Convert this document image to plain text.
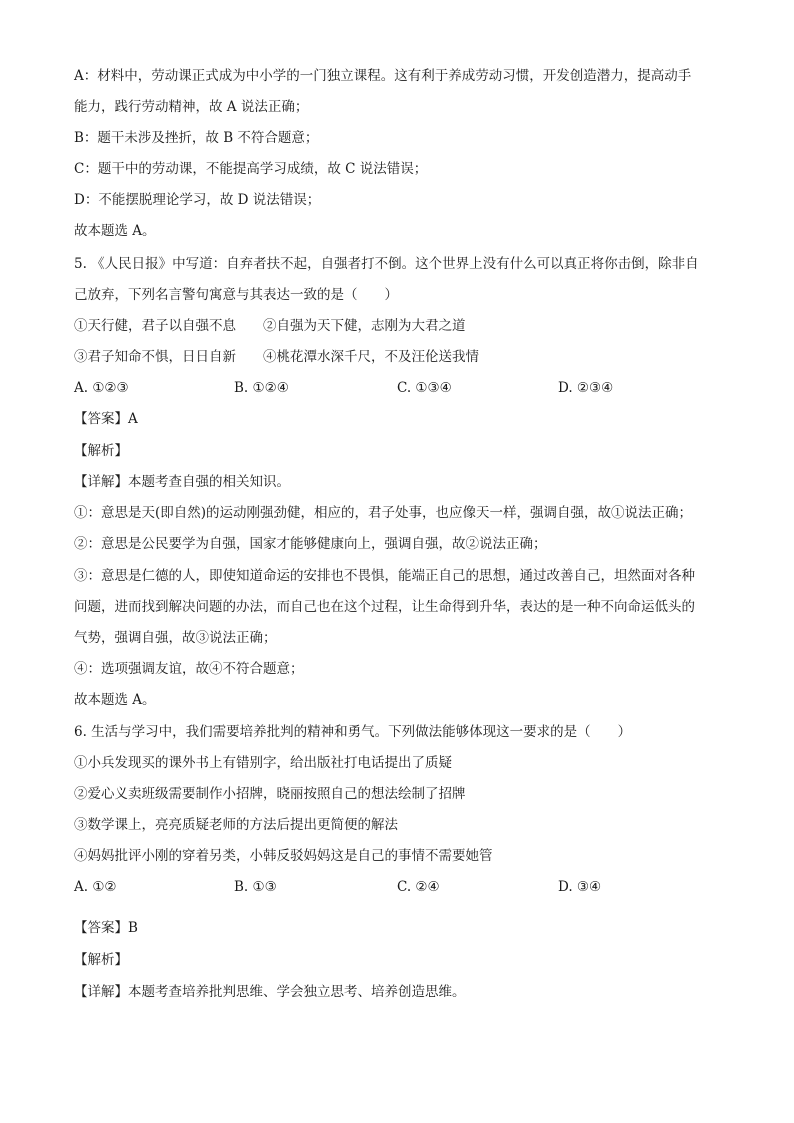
A：材料中，劳动课正式成为中小学的一门独立课程。这有利于养成劳动习惯，开发创造潜力，提高动手
能力，践行劳动精神，故 A 说法正确；
B：题干未涉及挫折，故 B 不符合题意；
C：题干中的劳动课，不能提高学习成绩，故 C 说法错误；
D：不能摆脱理论学习，故 D 说法错误；
故本题选 A。
5. 《人民日报》中写道：自弃者扶不起，自强者打不倒。这个世界上没有什么可以真正将你击倒，除非自
己放弃，下列名言警句寓意与其表达一致的是（　　）
①天行健，君子以自强不息　　②自强为天下健，志刚为大君之道
③君子知命不惧，日日自新　　④桃花潭水深千尺，不及汪伦送我情
A. ①②③	B. ①②④	C. ①③④	D. ②③④
【答案】A
【解析】
【详解】本题考查自强的相关知识。
①：意思是天(即自然)的运动刚强劲健，相应的，君子处事，也应像天一样，强调自强，故①说法正确；
②：意思是公民要学为自强，国家才能够健康向上，强调自强，故②说法正确；
③：意思是仁德的人，即使知道命运的安排也不畏惧，能端正自己的思想，通过改善自己，坦然面对各种
问题，进而找到解决问题的办法，而自己也在这个过程，让生命得到升华，表达的是一种不向命运低头的
气势，强调自强，故③说法正确；
④：选项强调友谊，故④不符合题意；
故本题选 A。
6. 生活与学习中，我们需要培养批判的精神和勇气。下列做法能够体现这一要求的是（　　）
①小兵发现买的课外书上有错别字，给出版社打电话提出了质疑
②爱心义卖班级需要制作小招牌，晓丽按照自己的想法绘制了招牌
③数学课上，亮亮质疑老师的方法后提出更简便的解法
④妈妈批评小刚的穿着另类，小韩反驳妈妈这是自己的事情不需要她管
A. ①②	B. ①③	C. ②④	D. ③④
【答案】B
【解析】
【详解】本题考查培养批判思维、学会独立思考、培养创造思维。
